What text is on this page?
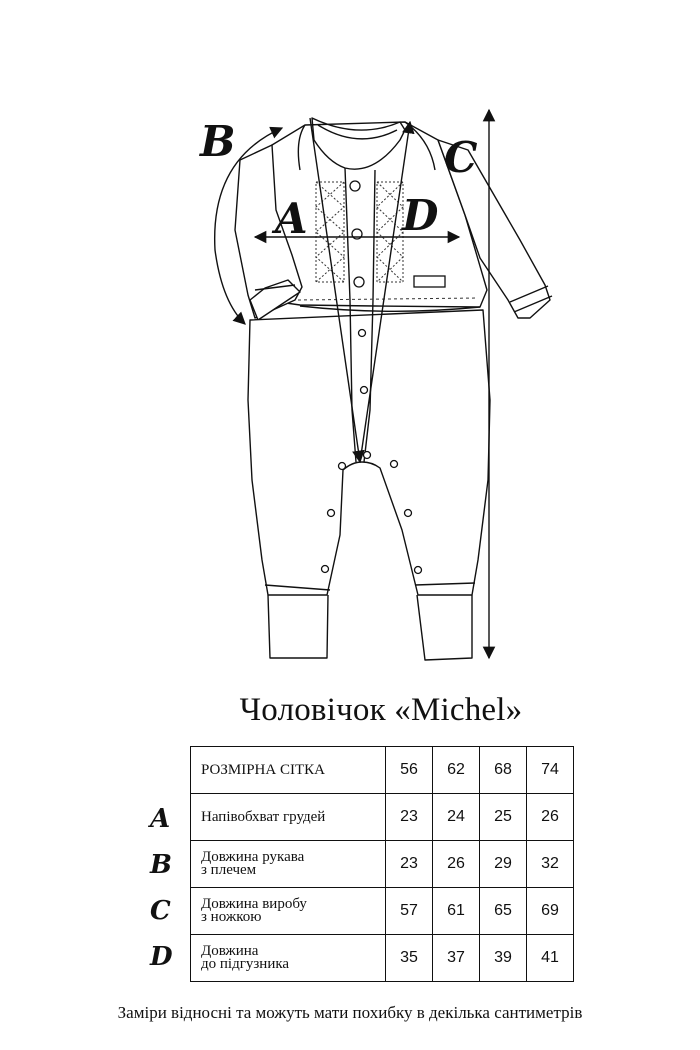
B
A D
C
Чоловічок «Michel»
A
B
C
D
РОЗМІРНА СІТКА	56	62	68	74

Напівобхват грудей	23	24	25	26

Довжина рукава
з плечем	23	26	29	32

Довжина виробу
з ножкою	57	61	65	69

Довжина
до підгузника	35	37	39	41
Заміри відносні та можуть мати похибку в декілька сантиметрів
